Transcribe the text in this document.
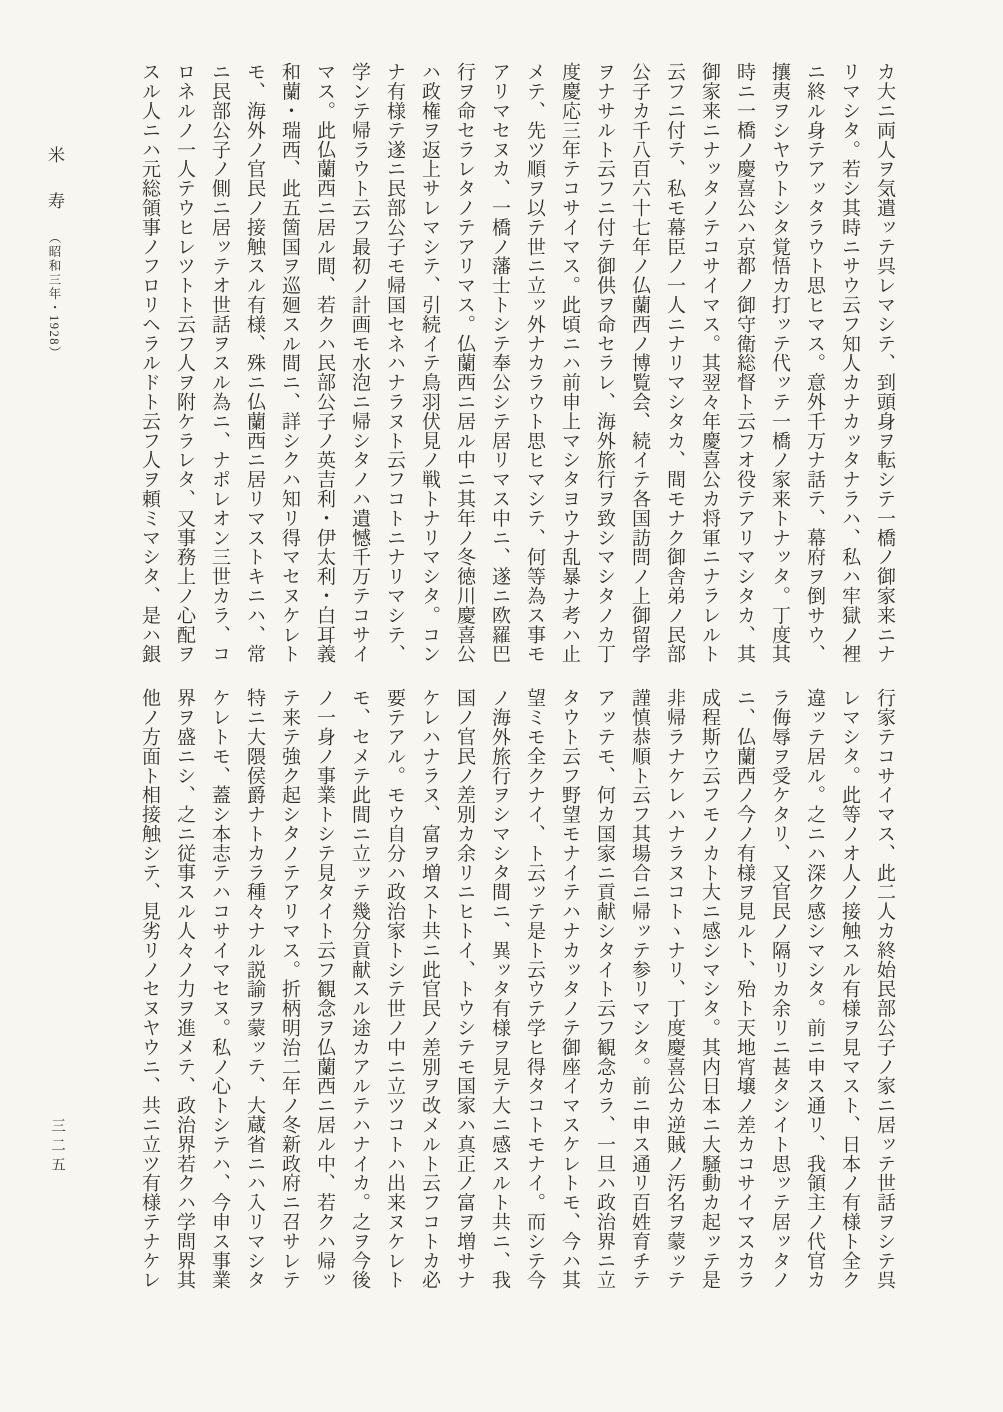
米　寿（昭和三年・1928）	カ大ニ両人ヲ気遣ッテ呉レマシテ、到頭身ヲ転シテ一橋ノ御家来ニナ

リマシタ。若シ其時ニサウ云フ知人カナカッタナラハ、私ハ牢獄ノ裡

ニ終ル身テアッタラウト思ヒマス。意外千万ナ話テ、幕府ヲ倒サウ、

攘夷ヲシヤウトシタ覚悟カ打ッテ代ッテ一橋ノ家来トナッタ。丁度其

時ニ一橋ノ慶喜公ハ京都ノ御守衛総督ト云フオ役テアリマシタカ、其

御家来ニナッタノテコサイマス。其翌々年慶喜公カ将軍ニナラレルト

云フニ付テ、私モ幕臣ノ一人ニナリマシタカ、間モナク御舎弟ノ民部

公子カ千八百六十七年ノ仏蘭西ノ博覧会、続イテ各国訪問ノ上御留学

ヲナサルト云フニ付テ御供ヲ命セラレ、海外旅行ヲ致シマシタノカ丁

度慶応三年テコサイマス。此頃ニハ前申上マシタヨウナ乱暴ナ考ハ止

メテ、先ツ順ヲ以テ世ニ立ッ外ナカラウト思ヒマシテ、何等為ス事モ

アリマセヌカ、一橋ノ藩士トシテ奉公シテ居リマス中ニ、遂ニ欧羅巴

行ヲ命セラレタノテアリマス。仏蘭西ニ居ル中ニ其年ノ冬徳川慶喜公

ハ政権ヲ返上サレマシテ、引続イテ鳥羽伏見ノ戦トナリマシタ。コン

ナ有様テ遂ニ民部公子モ帰国セネハナラヌト云フコトニナリマシテ、

学ンテ帰ラウト云フ最初ノ計画モ水泡ニ帰シタノハ遺憾千万テコサイ

マス。此仏蘭西ニ居ル間、若クハ民部公子ノ英吉利・伊太利・白耳義

和蘭・瑞西、此五箇国ヲ巡廻スル間ニ、詳シクハ知リ得マセヌケレト

モ、海外ノ官民ノ接触スル有様、殊ニ仏蘭西ニ居リマストキニハ、常

ニ民部公子ノ側ニ居ッテオ世話ヲスル為ニ、ナポレオン三世カラ、コ

ロネルノ一人テウヒレツトト云フ人ヲ附ケラレタ、又事務上ノ心配ヲ

スル人ニハ元総領事ノフロリヘラルドト云フ人ヲ頼ミマシタ、是ハ銀

行家テコサイマス、此二人カ終始民部公子ノ家ニ居ッテ世話ヲシテ呉

レマシタ。此等ノオ人ノ接触スル有様ヲ見マスト、日本ノ有様ト全ク

違ッテ居ル。之ニハ深ク感シマシタ。前ニ申ス通リ、我領主ノ代官カ

ラ侮辱ヲ受ケタリ、又官民ノ隔リカ余リニ甚タシイト思ッテ居ッタノ

ニ、仏蘭西ノ今ノ有様ヲ見ルト、殆ト天地宵壌ノ差カコサイマスカラ

成程斯ウ云フモノカト大ニ感シマシタ。其内日本ニ大騒動カ起ッテ是

非帰ラナケレハナラヌコトヽナリ、丁度慶喜公カ逆賊ノ汚名ヲ蒙ッテ

謹慎恭順ト云フ其場合ニ帰ッテ参リマシタ。前ニ申ス通リ百姓育チテ

アッテモ、何カ国家ニ貢献シタイト云フ観念カラ、一旦ハ政治界ニ立

タウト云フ野望モナイテハナカッタノテ御座イマスケレトモ、今ハ其

望ミモ全クナイ、ト云ッテ是ト云ウテ学ヒ得タコトモナイ。而シテ今

ノ海外旅行ヲシマシタ間ニ、異ッタ有様ヲ見テ大ニ感スルト共ニ、我

国ノ官民ノ差別カ余リニヒトイ、トウシテモ国家ハ真正ノ富ヲ増サナ

ケレハナラヌ、富ヲ増スト共ニ此官民ノ差別ヲ改メルト云フコトカ必

要テアル。モウ自分ハ政治家トシテ世ノ中ニ立ツコトハ出来ヌケレト

モ、セメテ此間ニ立ッテ幾分貢献スル途カアルテハナイカ。之ヲ今後

ノ一身ノ事業トシテ見タイト云フ観念ヲ仏蘭西ニ居ル中、若クハ帰ッ

テ来テ強ク起シタノテアリマス。折柄明治二年ノ冬新政府ニ召サレテ

特ニ大隈侯爵ナトカラ種々ナル説諭ヲ蒙ッテ、大蔵省ニハ入リマシタ

ケレトモ、蓋シ本志テハコサイマセヌ。私ノ心トシテハ、今申ス事業

界ヲ盛ニシ、之ニ従事スル人々ノ力ヲ進メテ、政治界若クハ学問界其

他ノ方面ト相接触シテ、見劣リノセヌヤウニ、共ニ立ツ有様テナケレ

三二五
